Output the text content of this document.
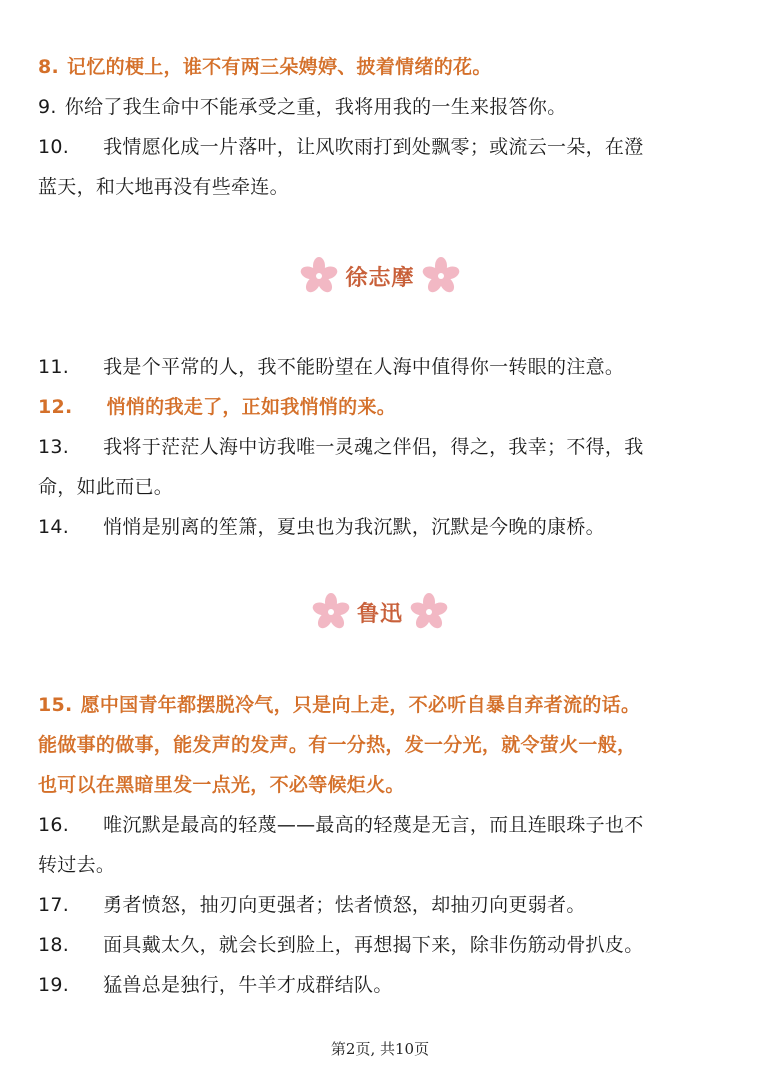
8. 记忆的梗上，谁不有两三朵娉婷、披着情绪的花。
9. 你给了我生命中不能承受之重，我将用我的一生来报答你。
10. 我情愿化成一片落叶，让风吹雨打到处飘零；或流云一朵，在澄
蓝天，和大地再没有些牵连。
徐志摩
11. 我是个平常的人，我不能盼望在人海中值得你一转眼的注意。
12. 悄悄的我走了，正如我悄悄的来。
13. 我将于茫茫人海中访我唯一灵魂之伴侣，得之，我幸；不得，我
命，如此而已。
14. 悄悄是别离的笙箫，夏虫也为我沉默，沉默是今晚的康桥。
鲁迅
15. 愿中国青年都摆脱冷气，只是向上走，不必听自暴自弃者流的话。
能做事的做事，能发声的发声。有一分热，发一分光，就令萤火一般，
也可以在黑暗里发一点光，不必等候炬火。
16. 唯沉默是最高的轻蔑——最高的轻蔑是无言，而且连眼珠子也不
转过去。
17. 勇者愤怒，抽刃向更强者；怯者愤怒，却抽刃向更弱者。
18. 面具戴太久，就会长到脸上，再想揭下来，除非伤筋动骨扒皮。
19. 猛兽总是独行，牛羊才成群结队。
第2页, 共10页
